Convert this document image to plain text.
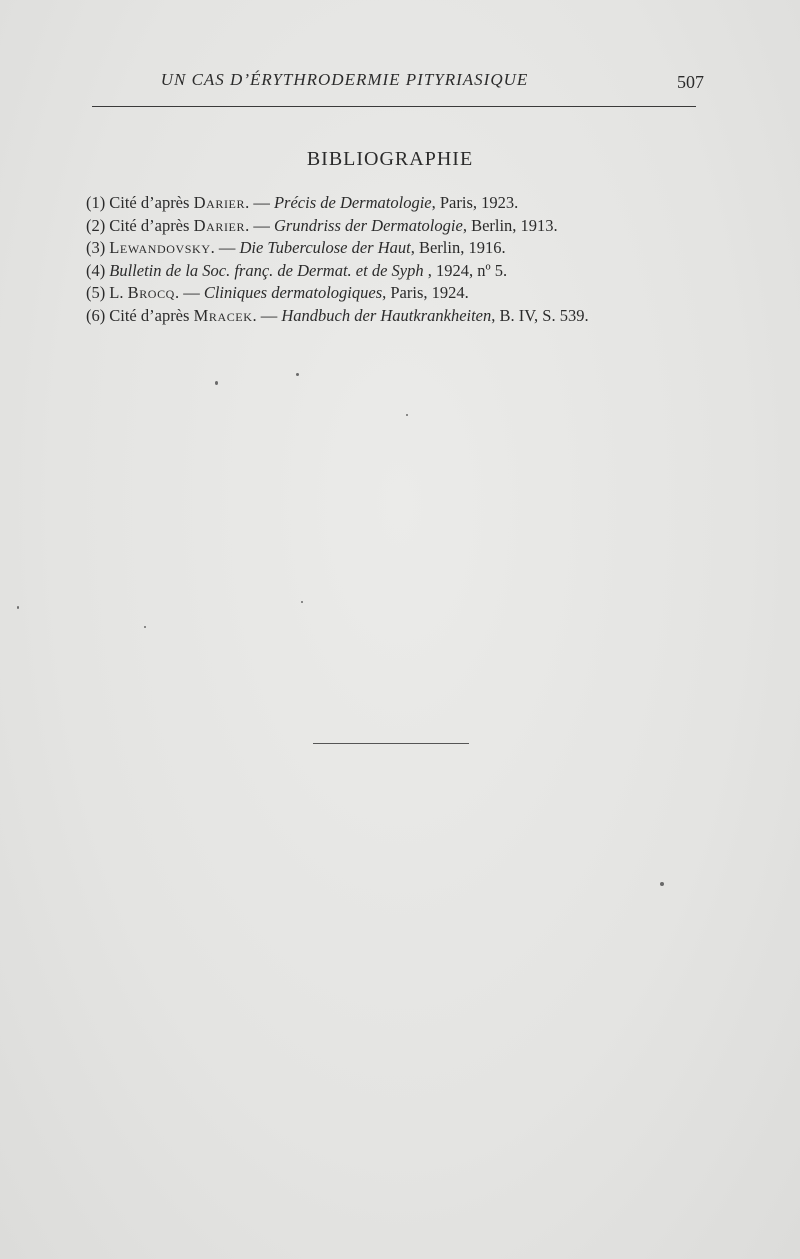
UN CAS D’ÉRYTHRODERMIE PITYRIASIQUE	507
BIBLIOGRAPHIE
(1) Cité d’après Darier. — Précis de Dermatologie, Paris, 1923.
(2) Cité d’après Darier. — Grundriss der Dermatologie, Berlin, 1913.
(3) Lewandovsky. — Die Tuberculose der Haut, Berlin, 1916.
(4) Bulletin de la Soc. franç. de Dermat. et de Syph , 1924, nº 5.
(5) L. Brocq. — Cliniques dermatologiques, Paris, 1924.
(6) Cité d’après Mracek. — Handbuch der Hautkrankheiten, B. IV, S. 539.
